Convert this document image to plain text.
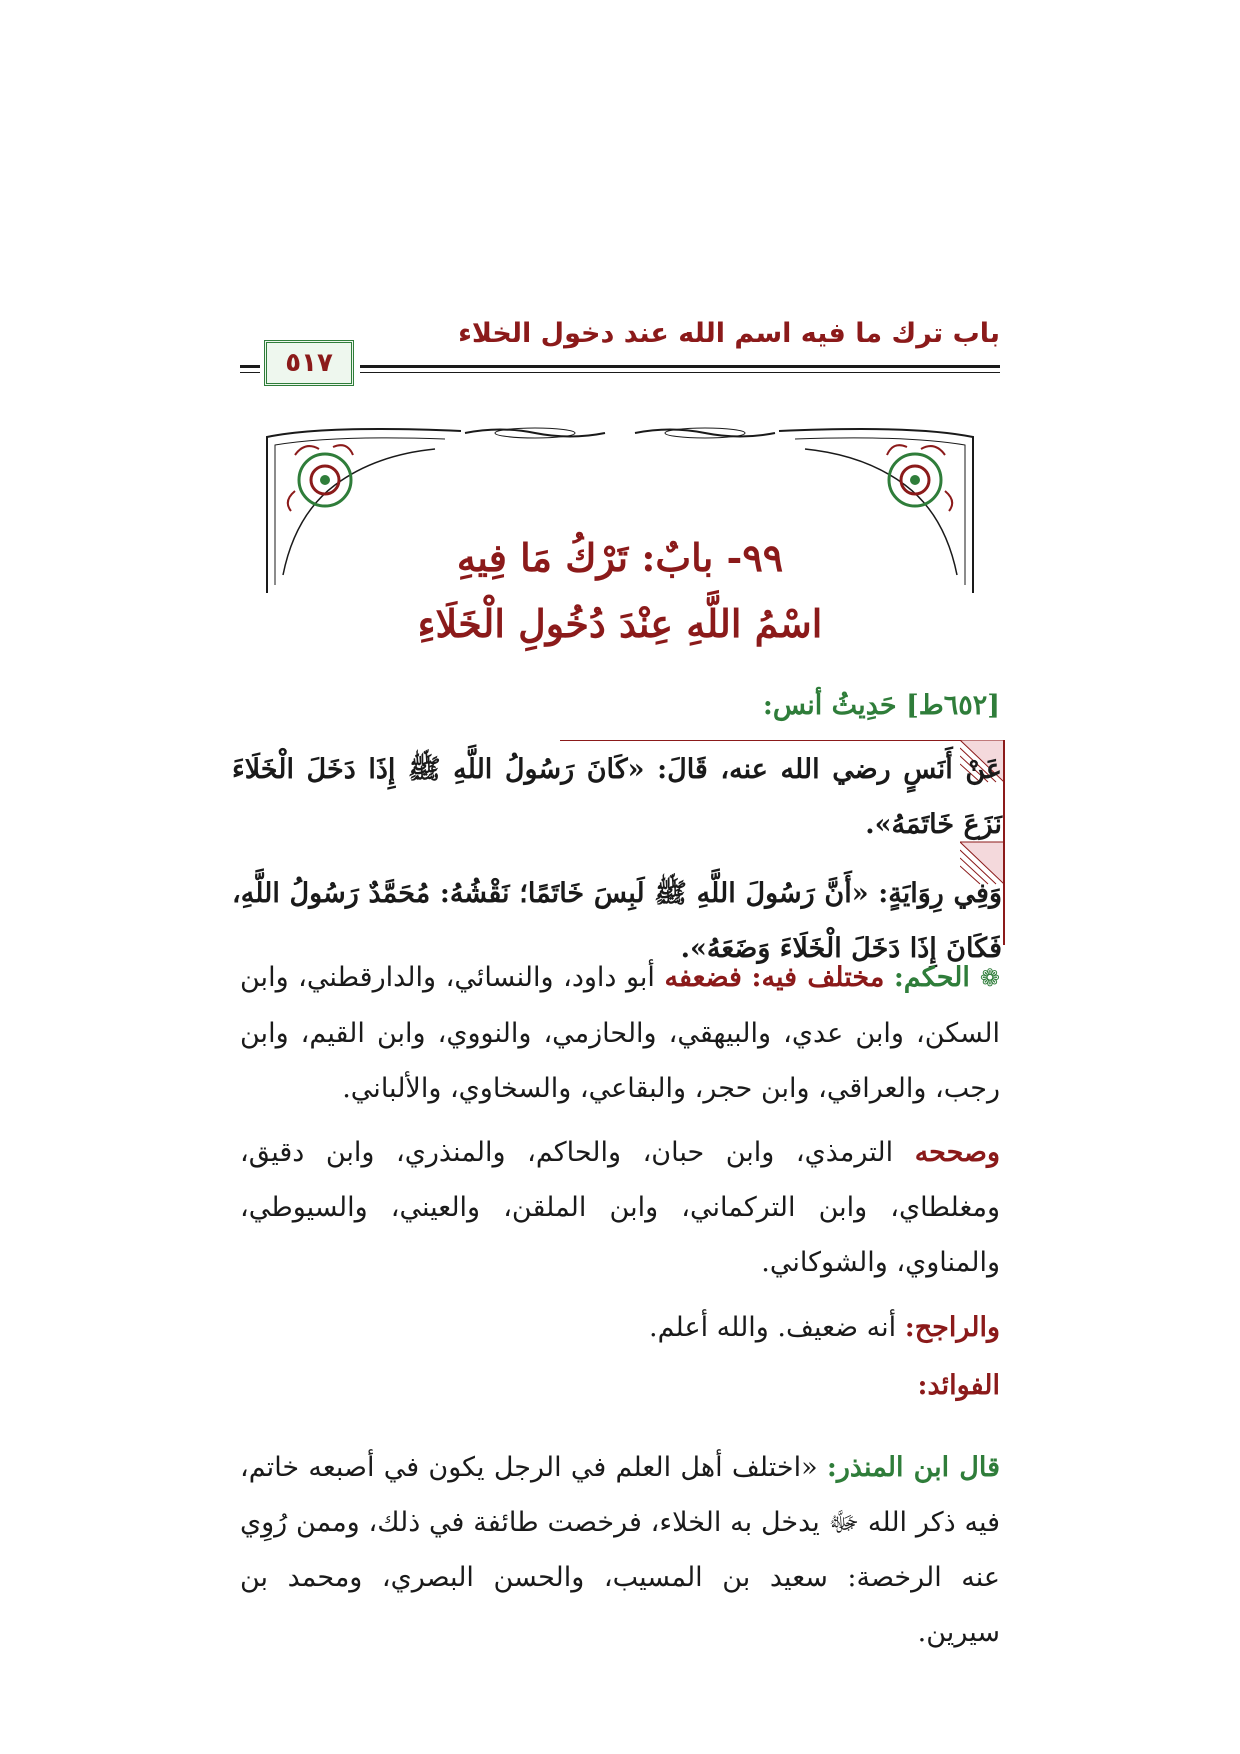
باب ترك ما فيه اسم الله عند دخول الخلاء
٥١٧
٩٩- بابٌ: تَرْكُ مَا فِيهِ
اسْمُ اللَّهِ عِنْدَ دُخُولِ الْخَلَاءِ
[٦٥٢ط] حَدِيثُ أنس:

عَنْ أَنَسٍ رضي الله عنه، قَالَ: «كَانَ رَسُولُ اللَّهِ ﷺ إِذَا دَخَلَ الْخَلَاءَ نَزَعَ خَاتَمَهُ».

وَفِي رِوَايَةٍ: «أَنَّ رَسُولَ اللَّهِ ﷺ لَبِسَ خَاتَمًا؛ نَقْشُهُ: مُحَمَّدٌ رَسُولُ اللَّهِ، فَكَانَ إِذَا دَخَلَ الْخَلَاءَ وَضَعَهُ».

❁الحكم: مختلف فيه: فضعفه أبو داود، والنسائي، والدارقطني، وابن السكن، وابن عدي، والبيهقي، والحازمي، والنووي، وابن القيم، وابن رجب، والعراقي، وابن حجر، والبقاعي، والسخاوي، والألباني.

وصححه الترمذي، وابن حبان، والحاكم، والمنذري، وابن دقيق، ومغلطاي، وابن التركماني، وابن الملقن، والعيني، والسيوطي، والمناوي، والشوكاني.

والراجح: أنه ضعيف. والله أعلم.

الفوائد:

قال ابن المنذر: «اختلف أهل العلم في الرجل يكون في أصبعه خاتم، فيه ذكر الله ﷻ يدخل به الخلاء، فرخصت طائفة في ذلك، وممن رُوِي عنه الرخصة: سعيد بن المسيب، والحسن البصري، ومحمد بن سيرين.
